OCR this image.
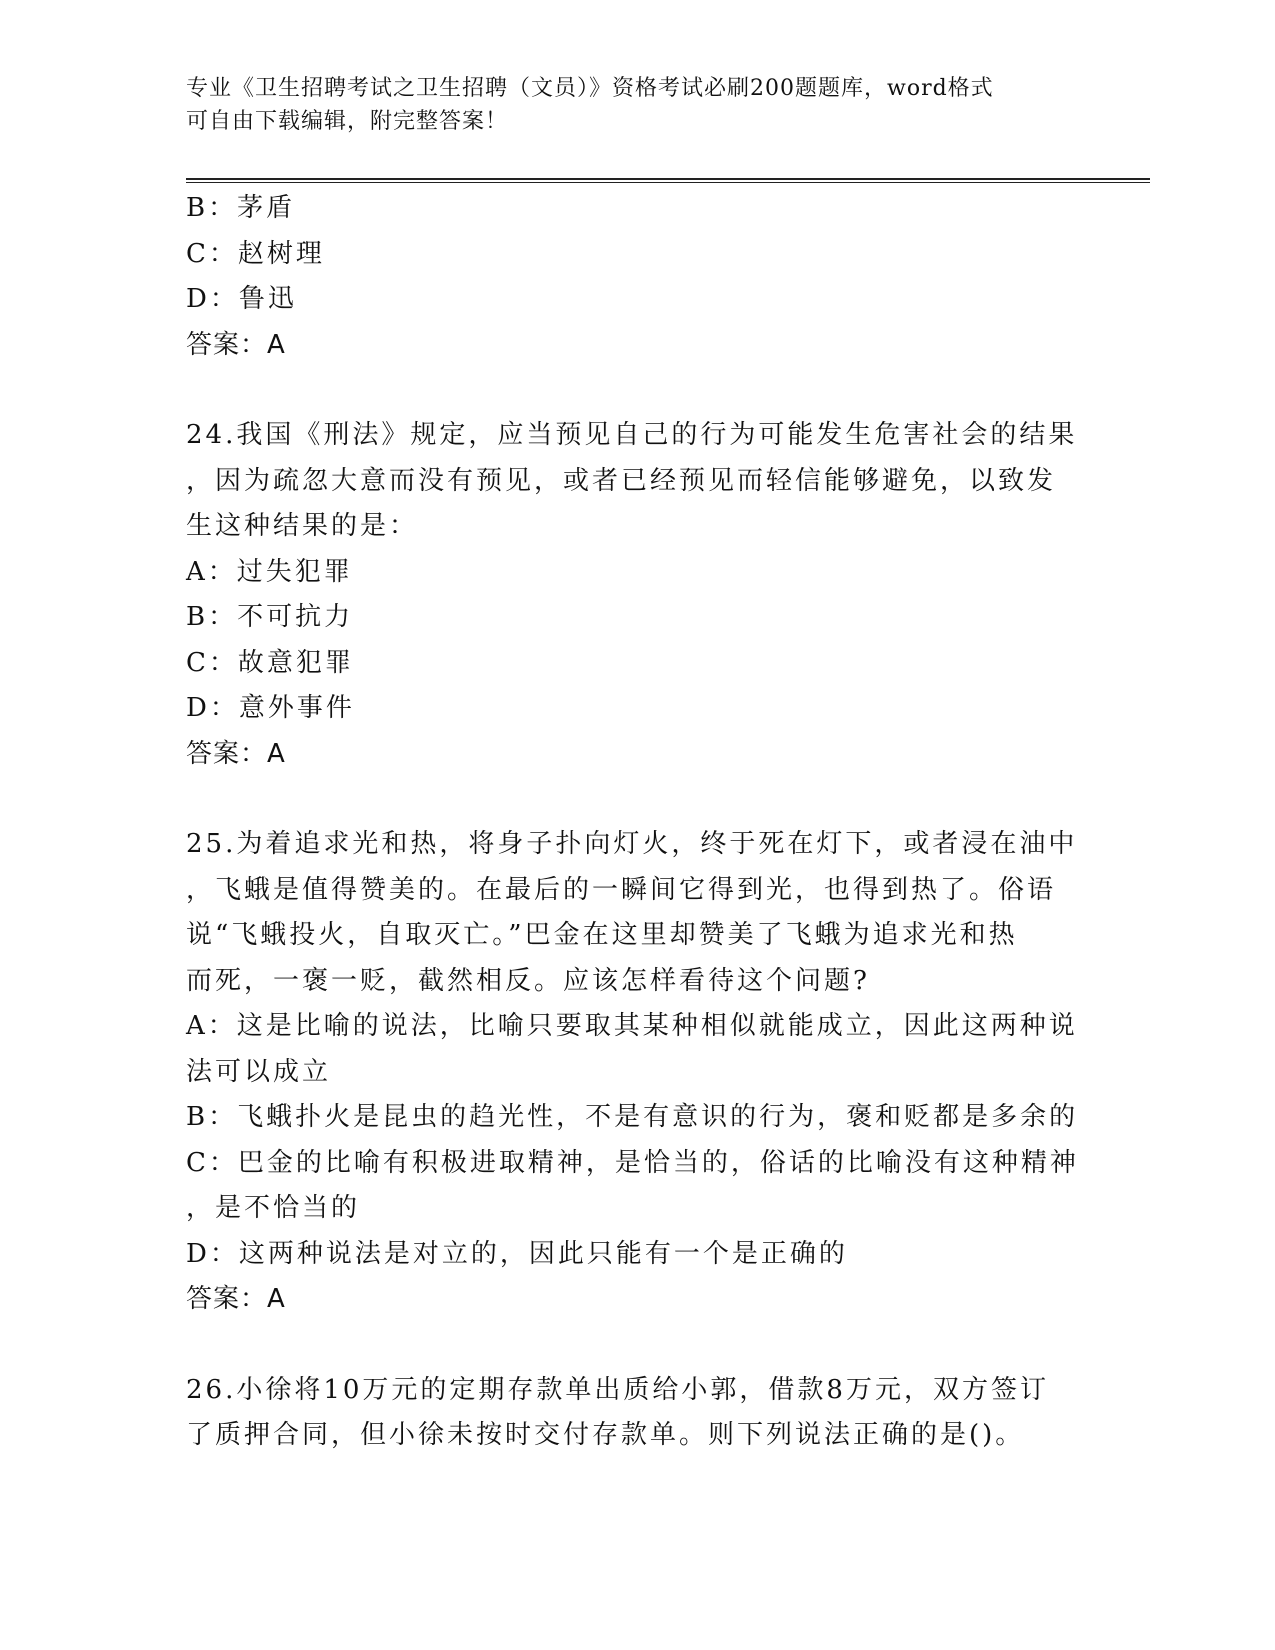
专业《卫生招聘考试之卫生招聘（文员）》资格考试必刷200题题库，word格式
可自由下载编辑，附完整答案！
B：茅盾
C：赵树理
D：鲁迅
答案：A
24.我国《刑法》规定，应当预见自己的行为可能发生危害社会的结果
，因为疏忽大意而没有预见，或者已经预见而轻信能够避免，以致发
生这种结果的是：
A：过失犯罪
B：不可抗力
C：故意犯罪
D：意外事件
答案：A
25.为着追求光和热，将身子扑向灯火，终于死在灯下，或者浸在油中
，飞蛾是值得赞美的。在最后的一瞬间它得到光，也得到热了。俗语
说“飞蛾投火，自取灭亡。”巴金在这里却赞美了飞蛾为追求光和热
而死，一褒一贬，截然相反。应该怎样看待这个问题?
A：这是比喻的说法，比喻只要取其某种相似就能成立，因此这两种说
法可以成立
B：飞蛾扑火是昆虫的趋光性，不是有意识的行为，褒和贬都是多余的
C：巴金的比喻有积极进取精神，是恰当的，俗话的比喻没有这种精神
，是不恰当的
D：这两种说法是对立的，因此只能有一个是正确的
答案：A
26.小徐将10万元的定期存款单出质给小郭，借款8万元，双方签订
了质押合同，但小徐未按时交付存款单。则下列说法正确的是()。
